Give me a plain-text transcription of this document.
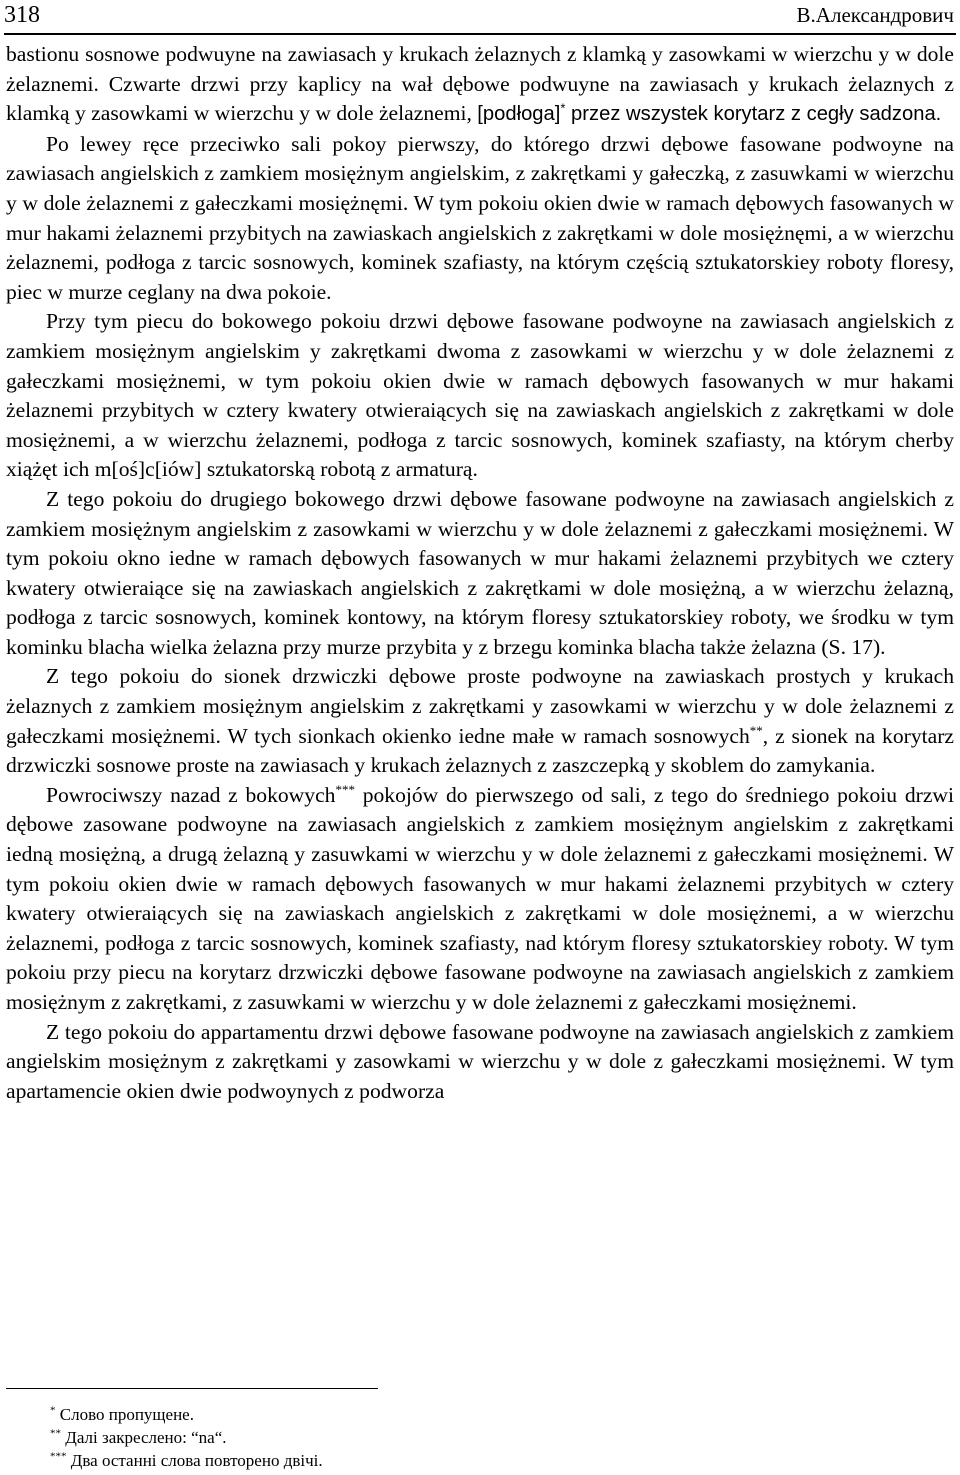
318	В.Александрович

bastionu sosnowe podwuyne na zawiasach y krukach żelaznych z klamką y zasowkami w wierzchu y w dole żelaznemi. Czwarte drzwi przy kaplicy na wał dębowe podwuyne na zawiasach y krukach żelaznych z klamką y zasowkami w wierzchu y w dole żelaznemi, [podłoga]* przez wszystek korytarz z cegły sadzona.

Po lewey ręce przeciwko sali pokoy pierwszy, do którego drzwi dębowe fasowane podwoyne na zawiasach angielskich z zamkiem mosiężnym angielskim, z zakrętkami y gałeczką, z zasuwkami w wierzchu y w dole żelaznemi z gałeczkami mosiężnęmi. W tym pokoiu okien dwie w ramach dębowych fasowanych w mur hakami żelaznemi przybitych na zawiaskach angielskich z zakrętkami w dole mosiężnęmi, a w wierzchu żelaznemi, podłoga z tarcic sosnowych, kominek szafiasty, na którym częścią sztukatorskiey roboty floresy, piec w murze ceglany na dwa pokoie.

Przy tym piecu do bokowego pokoiu drzwi dębowe fasowane podwoyne na zawiasach angielskich z zamkiem mosiężnym angielskim y zakrętkami dwoma z zasowkami w wierzchu y w dole żelaznemi z gałeczkami mosiężnemi, w tym pokoiu okien dwie w ramach dębowych fasowanych w mur hakami żelaznemi przybitych w cztery kwatery otwieraiących się na zawiaskach angielskich z zakrętkami w dole mosiężnemi, a w wierzchu żelaznemi, podłoga z tarcic sosnowych, kominek szafiasty, na którym cherby xiążęt ich m[oś]c[iów] sztukatorską robotą z armaturą.

Z tego pokoiu do drugiego bokowego drzwi dębowe fasowane podwoyne na zawiasach angielskich z zamkiem mosiężnym angielskim z zasowkami w wierzchu y w dole żelaznemi z gałeczkami mosiężnemi. W tym pokoiu okno iedne w ramach dębowych fasowanych w mur hakami żelaznemi przybitych we cztery kwatery otwieraiące się na zawiaskach angielskich z zakrętkami w dole mosiężną, a w wierzchu żelazną, podłoga z tarcic sosnowych, kominek kontowy, na którym floresy sztukatorskiey roboty, we środku w tym kominku blacha wielka żelazna przy murze przybita y z brzegu kominka blacha także żelazna (S. 17).

Z tego pokoiu do sionek drzwiczki dębowe proste podwoyne na zawiaskach prostych y krukach żelaznych z zamkiem mosiężnym angielskim z zakrętkami y zasowkami w wierzchu y w dole żelaznemi z gałeczkami mosiężnemi. W tych sionkach okienko iedne małe w ramach sosnowych**, z sionek na korytarz drzwiczki sosnowe proste na zawiasach y krukach żelaznych z zaszczepką y skoblem do zamykania.

Powrociwszy nazad z bokowych*** pokojów do pierwszego od sali, z tego do średniego pokoiu drzwi dębowe zasowane podwoyne na zawiasach angielskich z zamkiem mosiężnym angielskim z zakrętkami iedną mosiężną, a drugą żelazną y zasuwkami w wierzchu y w dole żelaznemi z gałeczkami mosiężnemi. W tym pokoiu okien dwie w ramach dębowych fasowanych w mur hakami żelaznemi przybitych w cztery kwatery otwieraiących się na zawiaskach angielskich z zakrętkami w dole mosiężnemi, a w wierzchu żelaznemi, podłoga z tarcic sosnowych, kominek szafiasty, nad którym floresy sztukatorskiey roboty. W tym pokoiu przy piecu na korytarz drzwiczki dębowe fasowane podwoyne na zawiasach angielskich z zamkiem mosiężnym z zakrętkami, z zasuwkami w wierzchu y w dole żelaznemi z gałeczkami mosiężnemi.

Z tego pokoiu do appartamentu drzwi dębowe fasowane podwoyne na zawiasach angielskich z zamkiem angielskim mosiężnym z zakrętkami y zasowkami w wierzchu y w dole z gałeczkami mosiężnemi. W tym apartamencie okien dwie podwoynych z podworza

* Слово пропущене.
** Далі закреслено: “na“.
*** Два останні слова повторено двічі.
